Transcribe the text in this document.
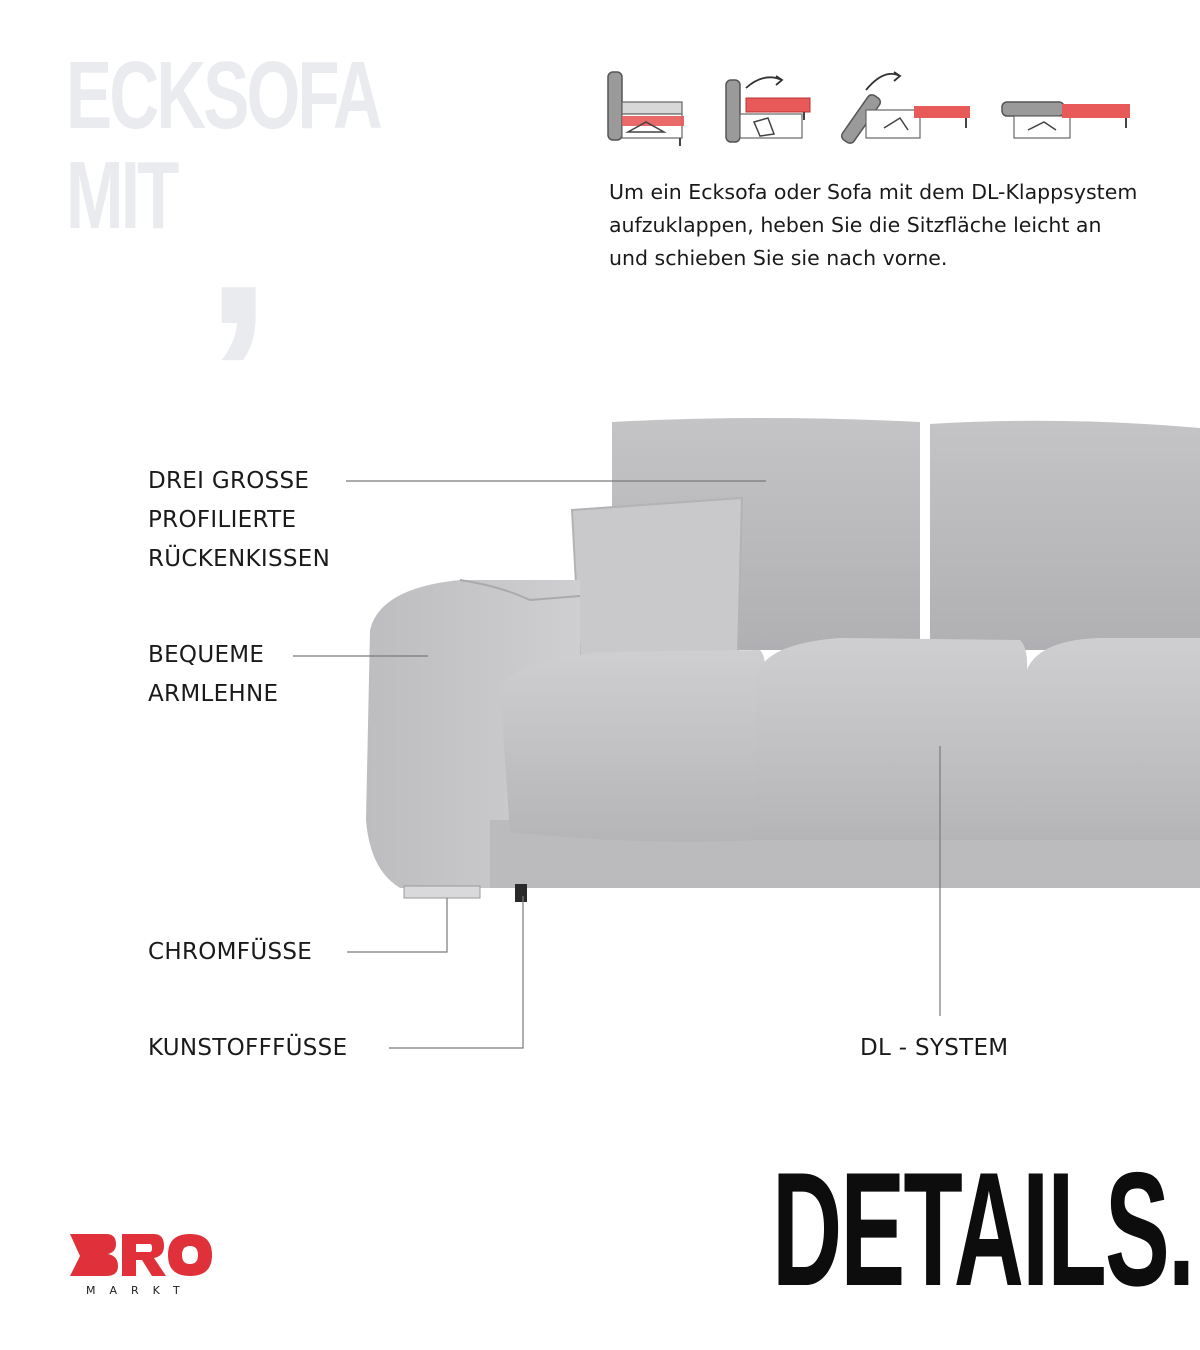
ECKSOFA
MIT ,	Um ein Ecksofa oder Sofa mit dem DL-Klappsystem aufzuklappen, heben Sie die Sitzfläche leicht an und schieben Sie sie nach vorne.
DREI GROSSE
PROFILIERTE
RÜCKENKISSEN
BEQUEME
ARMLEHNE
CHROMFÜSSE
KUNSTOFFFÜSSE	DL - SYSTEM
MARKT	DETAILS.
